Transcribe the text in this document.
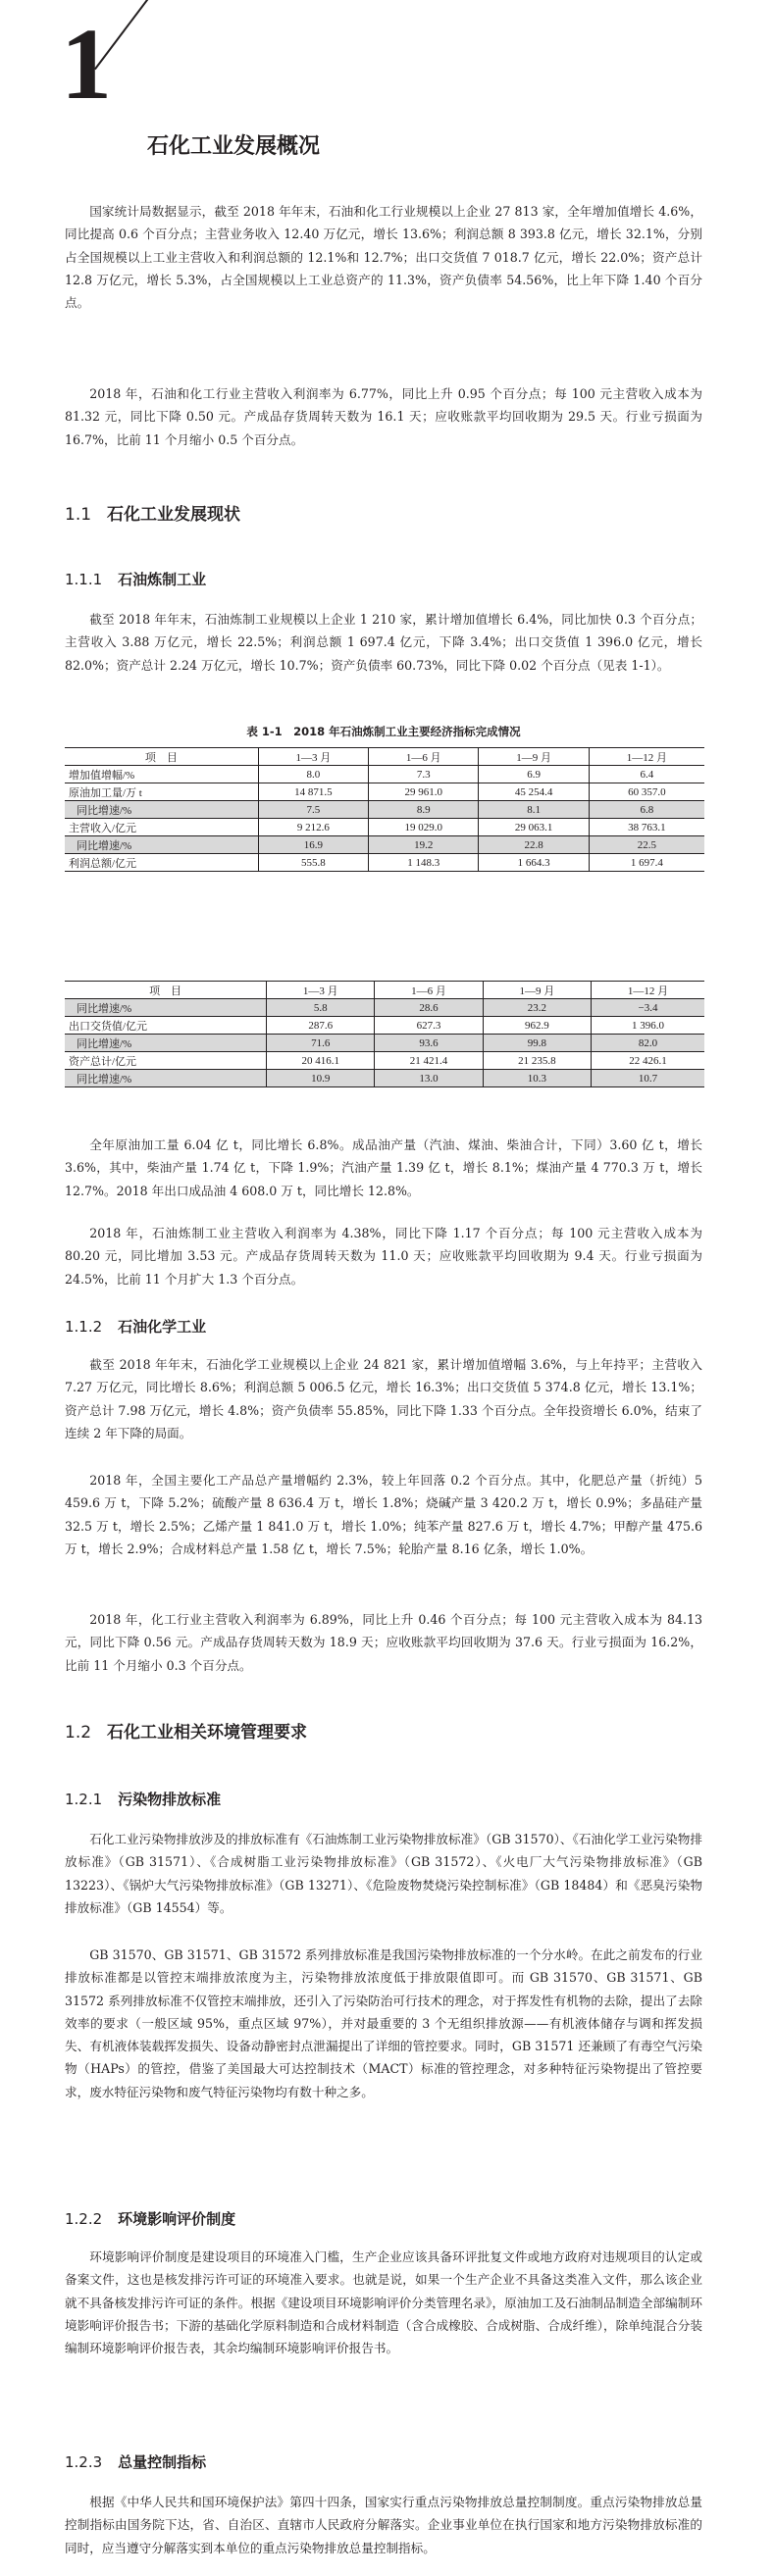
1
石化工业发展概况

国家统计局数据显示，截至 2018 年年末，石油和化工行业规模以上企业 27 813 家，全年增加值增长 4.6%，同比提高 0.6 个百分点；主营业务收入 12.40 万亿元，增长 13.6%；利润总额 8 393.8 亿元，增长 32.1%，分别占全国规模以上工业主营收入和利润总额的 12.1%和 12.7%；出口交货值 7 018.7 亿元，增长 22.0%；资产总计 12.8 万亿元，增长 5.3%，占全国规模以上工业总资产的 11.3%，资产负债率 54.56%，比上年下降 1.40 个百分点。

2018 年，石油和化工行业主营收入利润率为 6.77%，同比上升 0.95 个百分点；每 100 元主营收入成本为 81.32 元，同比下降 0.50 元。产成品存货周转天数为 16.1 天；应收账款平均回收期为 29.5 天。行业亏损面为 16.7%，比前 11 个月缩小 0.5 个百分点。

1.1 石化工业发展现状
1.1.1 石油炼制工业

截至 2018 年年末，石油炼制工业规模以上企业 1 210 家，累计增加值增长 6.4%，同比加快 0.3 个百分点；主营收入 3.88 万亿元，增长 22.5%；利润总额 1 697.4 亿元，下降 3.4%；出口交货值 1 396.0 亿元，增长 82.0%；资产总计 2.24 万亿元，增长 10.7%；资产负债率 60.73%，同比下降 0.02 个百分点（见表 1-1）。

表 1-1　2018 年石油炼制工业主要经济指标完成情况
项　目	1—3 月	1—6 月	1—9 月	1—12 月
增加值增幅/%	8.0	7.3	6.9	6.4
原油加工量/万 t	14 871.5	29 961.0	45 254.4	60 357.0
同比增速/%	7.5	8.9	8.1	6.8
主营收入/亿元	9 212.6	19 029.0	29 063.1	38 763.1
同比增速/%	16.9	19.2	22.8	22.5
利润总额/亿元	555.8	1 148.3	1 664.3	1 697.4
项　目	1—3 月	1—6 月	1—9 月	1—12 月
同比增速/%	5.8	28.6	23.2	−3.4
出口交货值/亿元	287.6	627.3	962.9	1 396.0
同比增速/%	71.6	93.6	99.8	82.0
资产总计/亿元	20 416.1	21 421.4	21 235.8	22 426.1
同比增速/%	10.9	13.0	10.3	10.7

全年原油加工量 6.04 亿 t，同比增长 6.8%。成品油产量（汽油、煤油、柴油合计，下同）3.60 亿 t，增长 3.6%，其中，柴油产量 1.74 亿 t，下降 1.9%；汽油产量 1.39 亿 t，增长 8.1%；煤油产量 4 770.3 万 t，增长 12.7%。2018 年出口成品油 4 608.0 万 t，同比增长 12.8%。

2018 年，石油炼制工业主营收入利润率为 4.38%，同比下降 1.17 个百分点；每 100 元主营收入成本为 80.20 元，同比增加 3.53 元。产成品存货周转天数为 11.0 天；应收账款平均回收期为 9.4 天。行业亏损面为 24.5%，比前 11 个月扩大 1.3 个百分点。

1.1.2 石油化学工业

截至 2018 年年末，石油化学工业规模以上企业 24 821 家，累计增加值增幅 3.6%，与上年持平；主营收入 7.27 万亿元，同比增长 8.6%；利润总额 5 006.5 亿元，增长 16.3%；出口交货值 5 374.8 亿元，增长 13.1%；资产总计 7.98 万亿元，增长 4.8%；资产负债率 55.85%，同比下降 1.33 个百分点。全年投资增长 6.0%，结束了连续 2 年下降的局面。

2018 年，全国主要化工产品总产量增幅约 2.3%，较上年回落 0.2 个百分点。其中，化肥总产量（折纯）5 459.6 万 t，下降 5.2%；硫酸产量 8 636.4 万 t，增长 1.8%；烧碱产量 3 420.2 万 t，增长 0.9%；多晶硅产量 32.5 万 t，增长 2.5%；乙烯产量 1 841.0 万 t，增长 1.0%；纯苯产量 827.6 万 t，增长 4.7%；甲醇产量 475.6 万 t，增长 2.9%；合成材料总产量 1.58 亿 t，增长 7.5%；轮胎产量 8.16 亿条，增长 1.0%。

2018 年，化工行业主营收入利润率为 6.89%，同比上升 0.46 个百分点；每 100 元主营收入成本为 84.13 元，同比下降 0.56 元。产成品存货周转天数为 18.9 天；应收账款平均回收期为 37.6 天。行业亏损面为 16.2%，比前 11 个月缩小 0.3 个百分点。

1.2 石化工业相关环境管理要求
1.2.1 污染物排放标准

石化工业污染物排放涉及的排放标准有《石油炼制工业污染物排放标准》（GB 31570）、《石油化学工业污染物排放标准》（GB 31571）、《合成树脂工业污染物排放标准》（GB 31572）、《火电厂大气污染物排放标准》（GB 13223）、《锅炉大气污染物排放标准》（GB 13271）、《危险废物焚烧污染控制标准》（GB 18484）和《恶臭污染物排放标准》（GB 14554）等。

GB 31570、GB 31571、GB 31572 系列排放标准是我国污染物排放标准的一个分水岭。在此之前发布的行业排放标准都是以管控末端排放浓度为主，污染物排放浓度低于排放限值即可。而 GB 31570、GB 31571、GB 31572 系列排放标准不仅管控末端排放，还引入了污染防治可行技术的理念，对于挥发性有机物的去除，提出了去除效率的要求（一般区域 95%，重点区域 97%），并对最重要的 3 个无组织排放源——有机液体储存与调和挥发损失、有机液体装载挥发损失、设备动静密封点泄漏提出了详细的管控要求。同时，GB 31571 还兼顾了有毒空气污染物（HAPs）的管控，借鉴了美国最大可达控制技术（MACT）标准的管控理念，对多种特征污染物提出了管控要求，废水特征污染物和废气特征污染物均有数十种之多。

1.2.2 环境影响评价制度

环境影响评价制度是建设项目的环境准入门槛，生产企业应该具备环评批复文件或地方政府对违规项目的认定或备案文件，这也是核发排污许可证的环境准入要求。也就是说，如果一个生产企业不具备这类准入文件，那么该企业就不具备核发排污许可证的条件。根据《建设项目环境影响评价分类管理名录》，原油加工及石油制品制造全部编制环境影响评价报告书；下游的基础化学原料制造和合成材料制造（含合成橡胶、合成树脂、合成纤维），除单纯混合分装编制环境影响评价报告表，其余均编制环境影响评价报告书。

1.2.3 总量控制指标

根据《中华人民共和国环境保护法》第四十四条，国家实行重点污染物排放总量控制制度。重点污染物排放总量控制指标由国务院下达，省、自治区、直辖市人民政府分解落实。企业事业单位在执行国家和地方污染物排放标准的同时，应当遵守分解落实到本单位的重点污染物排放总量控制指标。
